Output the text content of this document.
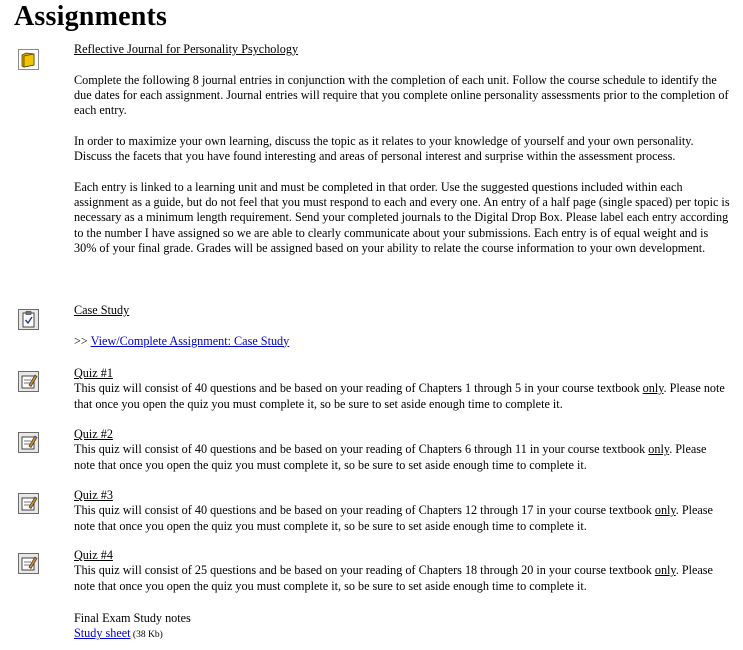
Assignments
Reflective Journal for Personality Psychology

Complete the following 8 journal entries in conjunction with the completion of each unit. Follow the course schedule to identify the due dates for each assignment. Journal entries will require that you complete online personality assessments prior to the completion of each entry.

In order to maximize your own learning, discuss the topic as it relates to your knowledge of yourself and your own personality. Discuss the facets that you have found interesting and areas of personal interest and surprise within the assessment process.

Each entry is linked to a learning unit and must be completed in that order. Use the suggested questions included within each assignment as a guide, but do not feel that you must respond to each and every one. An entry of a half page (single spaced) per topic is necessary as a minimum length requirement. Send your completed journals to the Digital Drop Box. Please label each entry according to the number I have assigned so we are able to clearly communicate about your submissions. Each entry is of equal weight and is 30% of your final grade. Grades will be assigned based on your ability to relate the course information to your own development.

Case Study

>> View/Complete Assignment: Case Study

Quiz #1

This quiz will consist of 40 questions and be based on your reading of Chapters 1 through 5 in your course textbook only. Please note that once you open the quiz you must complete it, so be sure to set aside enough time to complete it.

Quiz #2

This quiz will consist of 40 questions and be based on your reading of Chapters 6 through 11 in your course textbook only. Please note that once you open the quiz you must complete it, so be sure to set aside enough time to complete it.

Quiz #3

This quiz will consist of 40 questions and be based on your reading of Chapters 12 through 17 in your course textbook only. Please note that once you open the quiz you must complete it, so be sure to set aside enough time to complete it.

Quiz #4

This quiz will consist of 25 questions and be based on your reading of Chapters 18 through 20 in your course textbook only. Please note that once you open the quiz you must complete it, so be sure to set aside enough time to complete it.

Final Exam Study notes

Study sheet (38 Kb)
